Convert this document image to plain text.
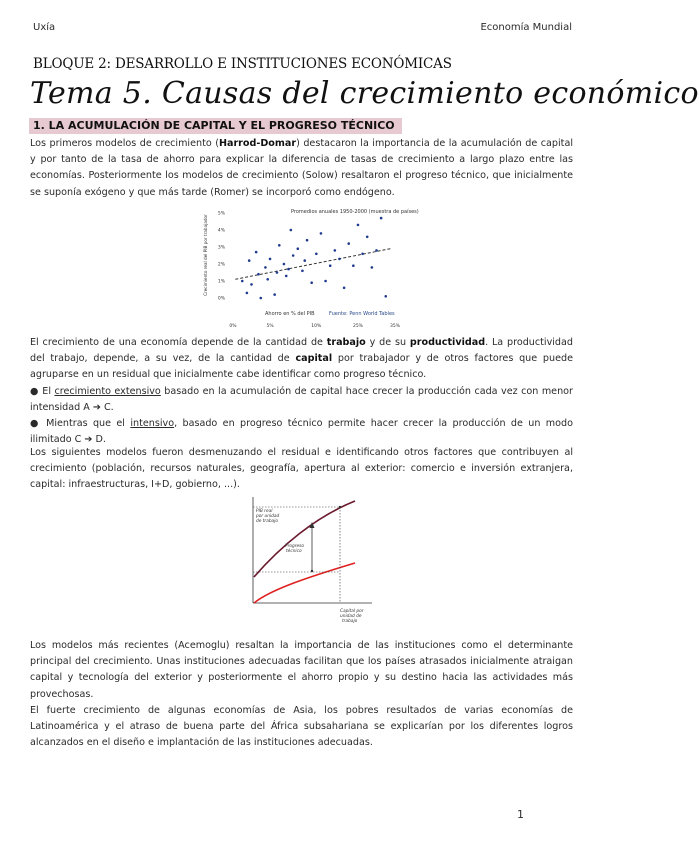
Uxía	Economía Mundial
BLOQUE 2: DESARROLLO E INSTITUCIONES ECONÓMICAS
Tema 5. Causas del crecimiento económico
1. LA ACUMULACIÓN DE CAPITAL Y EL PROGRESO TÉCNICO
Los primeros modelos de crecimiento (Harrod-Domar) destacaron la importancia de la acumulación de capital y por tanto de la tasa de ahorro para explicar la diferencia de tasas de crecimiento a largo plazo entre las economías. Posteriormente los modelos de crecimiento (Solow) resaltaron el progreso técnico, que inicialmente se suponía exógeno y que más tarde (Romer) se incorporó como endógeno.
Crecimiento real del PIB por trabajador
5%
4%
3%
2%
1%
0%
0%	5%	10%	25%	35%
Promedios anuales 1950-2000 (muestra de países)
Ahorro en % del PIB	Fuente: Penn World Tables
El crecimiento de una economía depende de la cantidad de trabajo y de su productividad. La productividad del trabajo, depende, a su vez, de la cantidad de capital por trabajador y de otros factores que puede agruparse en un residual que inicialmente cabe identificar como progreso técnico.
● El crecimiento extensivo basado en la acumulación de capital hace crecer la producción cada vez con menor intensidad A ➔ C.
● Mientras que el intensivo, basado en progreso técnico permite hacer crecer la producción de un modo ilimitado C ➔ D.
Los siguientes modelos fueron desmenuzando el residual e identificando otros factores que contribuyen al crecimiento (población, recursos naturales, geografía, apertura al exterior: comercio e inversión extranjera, capital: infraestructuras, I+D, gobierno, ...).
PIB real por unidad de trabajo
Progreso técnico
Capital por unidad de trabajo
Los modelos más recientes (Acemoglu) resaltan la importancia de las instituciones como el determinante principal del crecimiento. Unas instituciones adecuadas facilitan que los países atrasados inicialmente atraigan capital y tecnología del exterior y posteriormente el ahorro propio y su destino hacia las actividades más provechosas.
El fuerte crecimiento de algunas economías de Asia, los pobres resultados de varias economías de Latinoamérica y el atraso de buena parte del África subsahariana se explicarían por los diferentes logros alcanzados en el diseño e implantación de las instituciones adecuadas.
1
